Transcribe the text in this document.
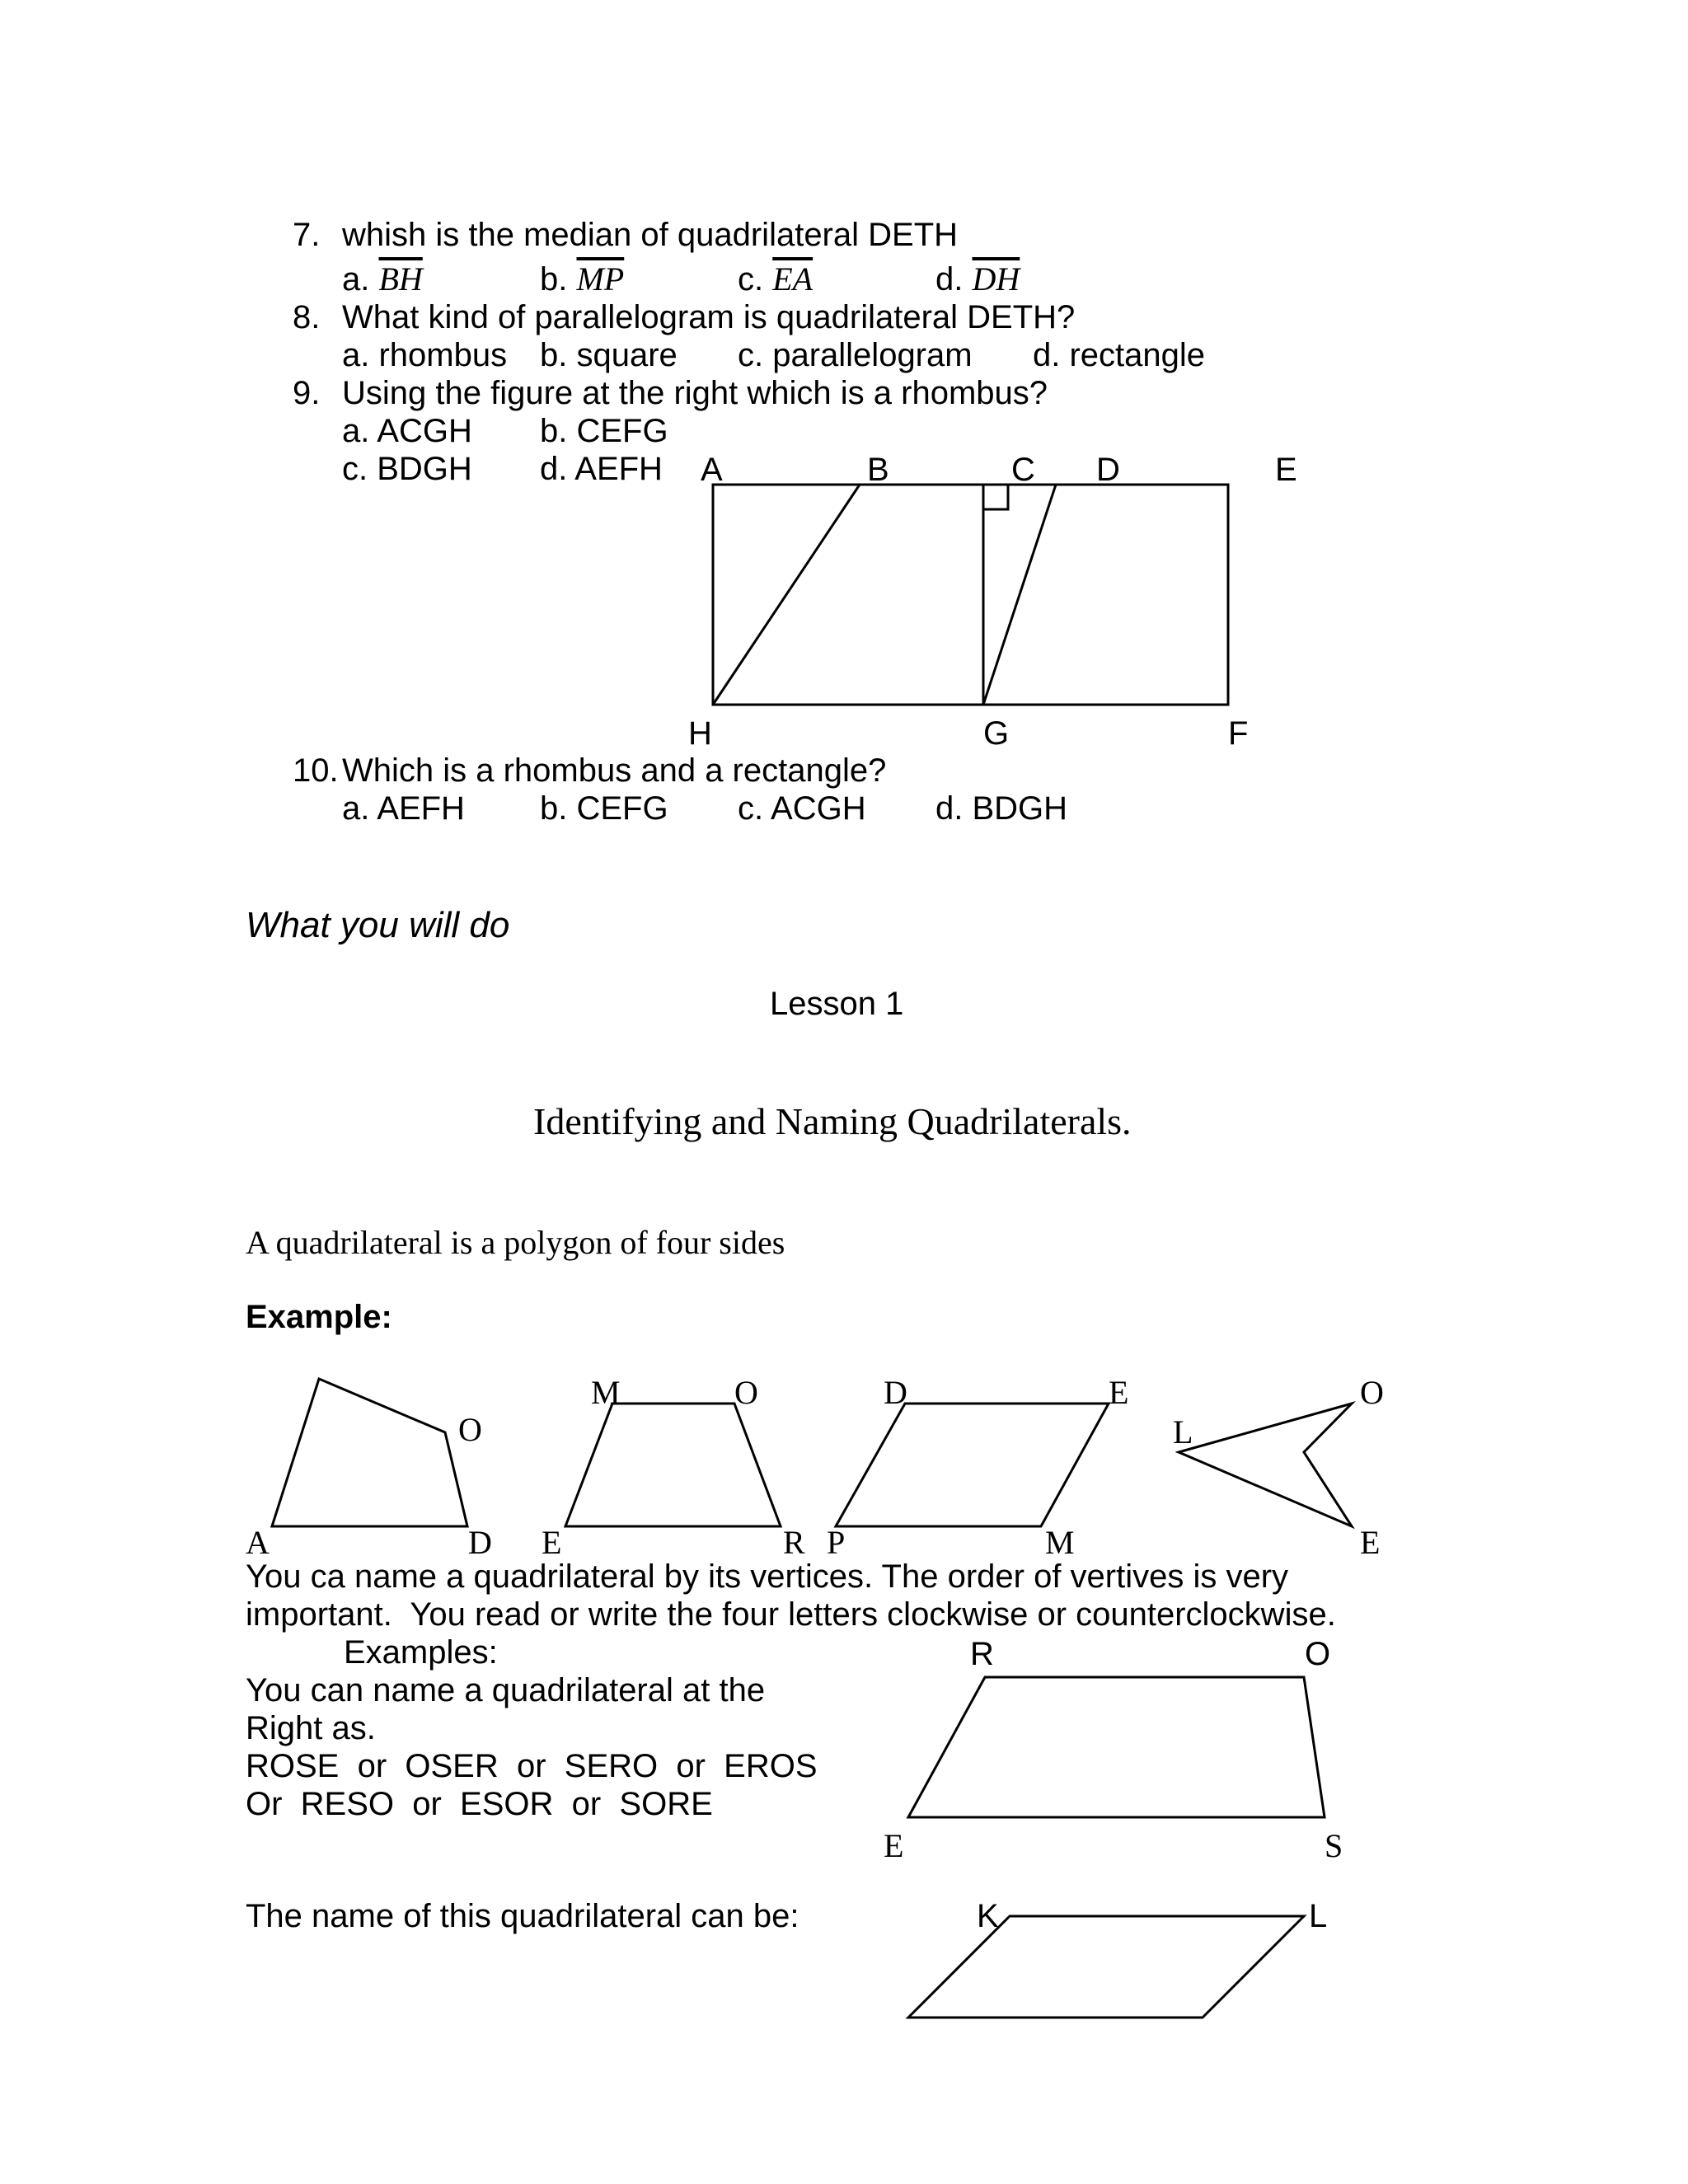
7. whish is the median of quadrilateral DETH
a. $\overline{BH}$	b. $\overline{MP}$	c. $\overline{EA}$	d. $\overline{DH}$
8. What kind of parallelogram is quadrilateral DETH?
a. rhombus b. square c. parallelogram d. rectangle
9. Using the figure at the right which is a rhombus?
a. ACGH b. CEFG
c. BDGH d. AEFH A	B	C D	E
H	G	F
10. Which is a rhombus and a rectangle?
a. AEFH b. CEFG c. ACGH d. BDGH
What you will do
Lesson 1
Identifying and Naming Quadrilaterals.
A quadrilateral is a polygon of four sides
Example:
A	D
O
M	O
E	R
D	E
P	M
L
O
E
You ca name a quadrilateral by its vertices. The order of vertives is very
important.  You read or write the four letters clockwise or counterclockwise.
Examples:
You can name a quadrilateral at the
Right as.
ROSE  or  OSER  or  SERO  or  EROS
Or  RESO  or  ESOR  or  SORE
R	O
E	S
The name of this quadrilateral can be:	K	L
